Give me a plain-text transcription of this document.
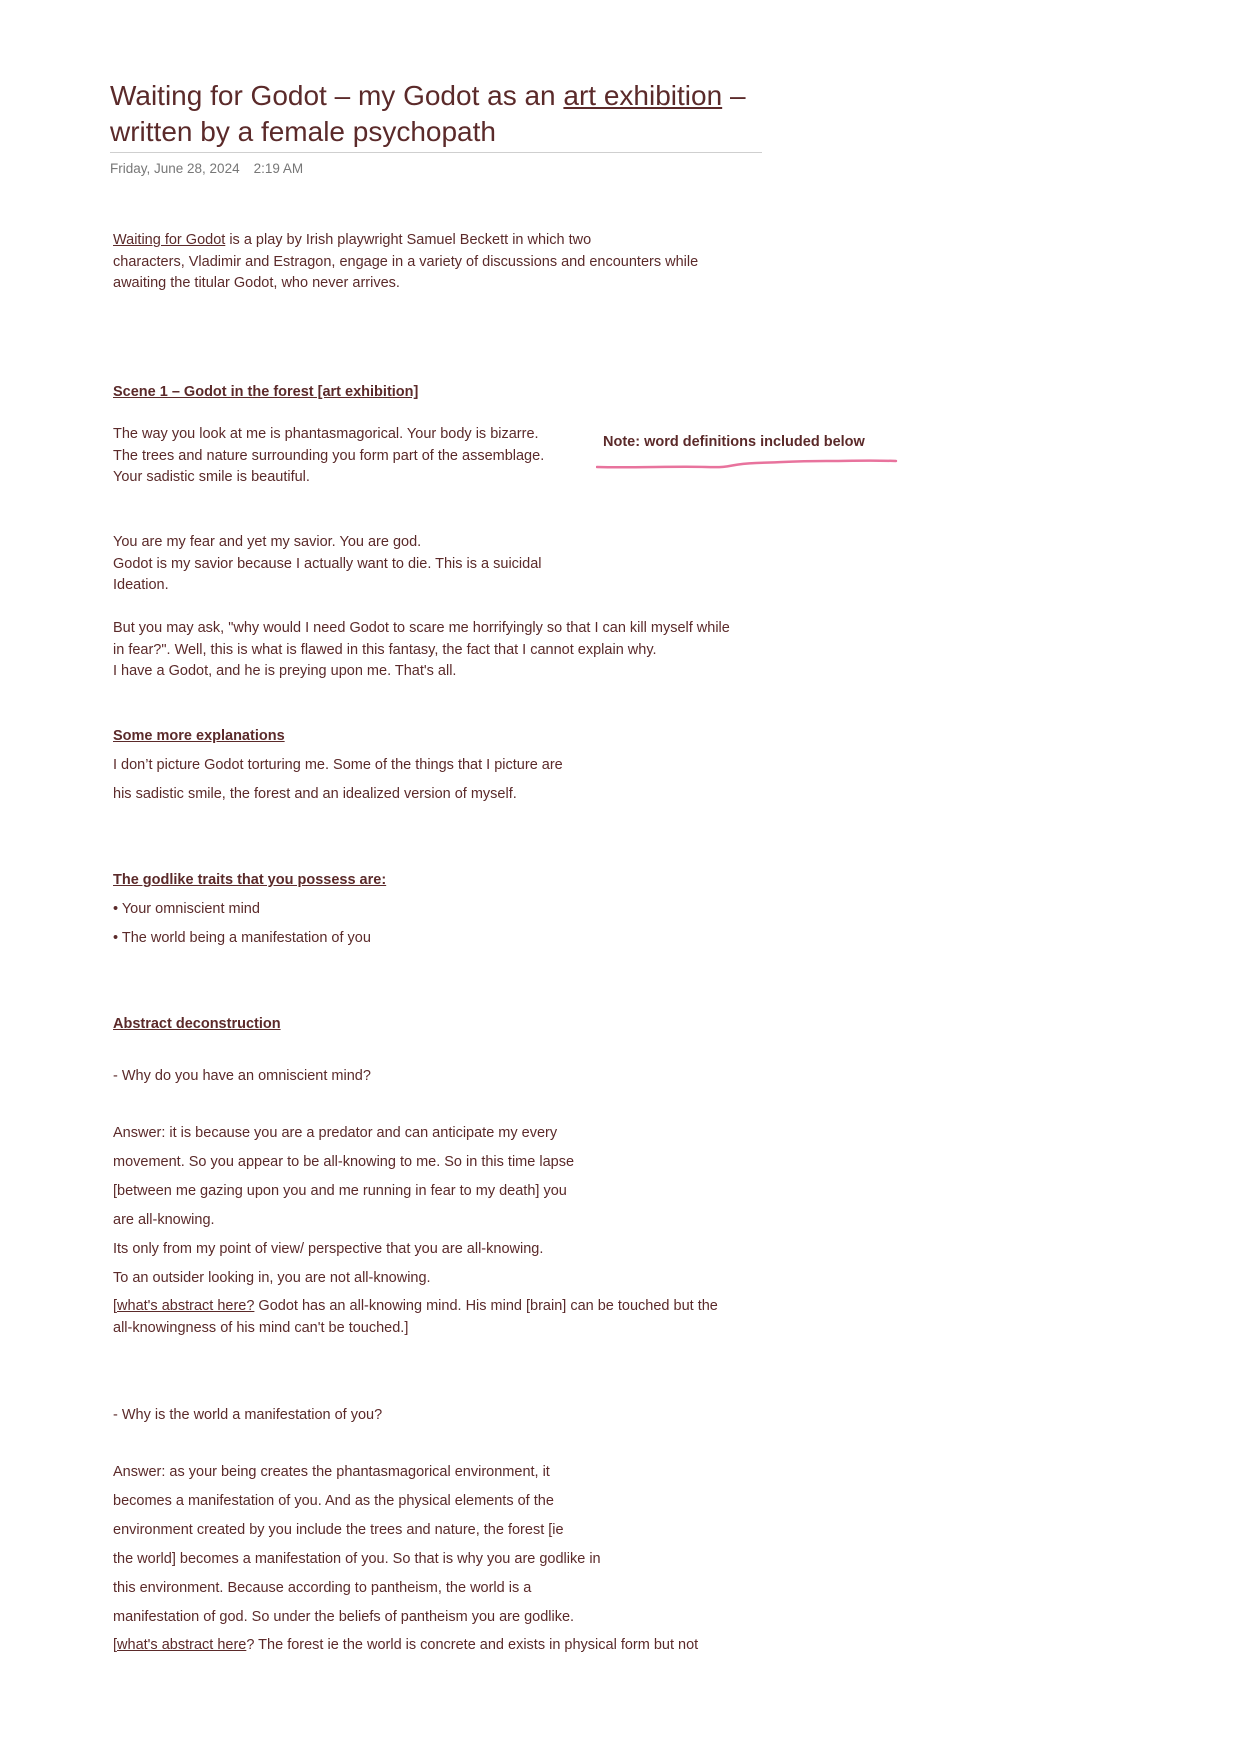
Waiting for Godot – my Godot as an art exhibition – written by a female psychopath
Friday, June 28, 2024 2:19 AM

Waiting for Godot is a play by Irish playwright Samuel Beckett in which two
characters, Vladimir and Estragon, engage in a variety of discussions and encounters while
awaiting the titular Godot, who never arrives.

Scene 1 – Godot in the forest [art exhibition]

The way you look at me is phantasmagorical. Your body is bizarre.
The trees and nature surrounding you form part of the assemblage.
Your sadistic smile is beautiful.

Note: word definitions included below

You are my fear and yet my savior. You are god.
Godot is my savior because I actually want to die. This is a suicidal
Ideation.

But you may ask, "why would I need Godot to scare me horrifyingly so that I can kill myself while
in fear?". Well, this is what is flawed in this fantasy, the fact that I cannot explain why.
I have a Godot, and he is preying upon me. That's all.

Some more explanations

I don’t picture Godot torturing me. Some of the things that I picture are
his sadistic smile, the forest and an idealized version of myself.

The godlike traits that you possess are:

• Your omniscient mind
• The world being a manifestation of you

Abstract deconstruction

- Why do you have an omniscient mind?

Answer: it is because you are a predator and can anticipate my every
movement. So you appear to be all-knowing to me. So in this time lapse
[between me gazing upon you and me running in fear to my death] you
are all-knowing.
Its only from my point of view/ perspective that you are all-knowing.
To an outsider looking in, you are not all-knowing.

[what's abstract here? Godot has an all-knowing mind. His mind [brain] can be touched but the
all-knowingness of his mind can't be touched.]

- Why is the world a manifestation of you?

Answer: as your being creates the phantasmagorical environment, it
becomes a manifestation of you. And as the physical elements of the
environment created by you include the trees and nature, the forest [ie
the world] becomes a manifestation of you. So that is why you are godlike in
this environment. Because according to pantheism, the world is a
manifestation of god. So under the beliefs of pantheism you are godlike.

[what's abstract here? The forest ie the world is concrete and exists in physical form but not
